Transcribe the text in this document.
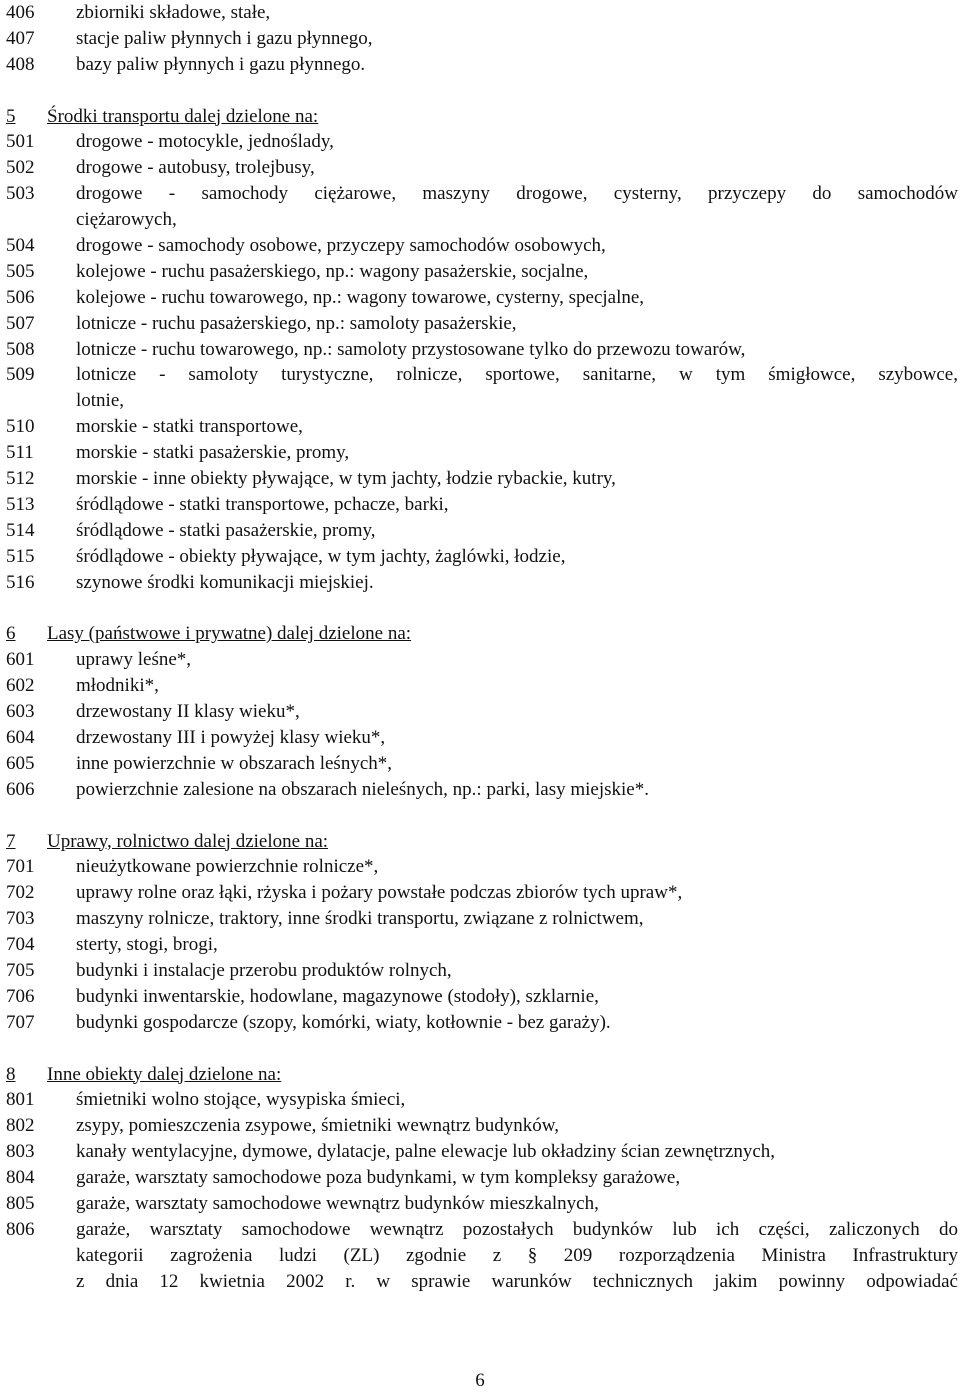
406	zbiorniki składowe, stałe,
407	stacje paliw płynnych i gazu płynnego,
408	bazy paliw płynnych i gazu płynnego.
5	Środki transportu dalej dzielone na:
501	drogowe - motocykle, jednoślady,
502	drogowe - autobusy, trolejbusy,
503	drogowe - samochody ciężarowe, maszyny drogowe, cysterny, przyczepy do samochodów
ciężarowych,
504	drogowe - samochody osobowe, przyczepy samochodów osobowych,
505	kolejowe - ruchu pasażerskiego, np.: wagony pasażerskie, socjalne,
506	kolejowe - ruchu towarowego, np.: wagony towarowe, cysterny, specjalne,
507	lotnicze - ruchu pasażerskiego, np.: samoloty pasażerskie,
508	lotnicze - ruchu towarowego, np.: samoloty przystosowane tylko do przewozu towarów,
509	lotnicze - samoloty turystyczne, rolnicze, sportowe, sanitarne, w tym śmigłowce, szybowce,
lotnie,
510	morskie - statki transportowe,
511	morskie - statki pasażerskie, promy,
512	morskie - inne obiekty pływające, w tym jachty, łodzie rybackie, kutry,
513	śródlądowe - statki transportowe, pchacze, barki,
514	śródlądowe - statki pasażerskie, promy,
515	śródlądowe - obiekty pływające, w tym jachty, żaglówki, łodzie,
516	szynowe środki komunikacji miejskiej.
6	Lasy (państwowe i prywatne) dalej dzielone na:
601	uprawy leśne*,
602	młodniki*,
603	drzewostany II klasy wieku*,
604	drzewostany III i powyżej klasy wieku*,
605	inne powierzchnie w obszarach leśnych*,
606	powierzchnie zalesione na obszarach nieleśnych, np.: parki, lasy miejskie*.
7	Uprawy, rolnictwo dalej dzielone na:
701	nieużytkowane powierzchnie rolnicze*,
702	uprawy rolne oraz łąki, rżyska i pożary powstałe podczas zbiorów tych upraw*,
703	maszyny rolnicze, traktory, inne środki transportu, związane z rolnictwem,
704	sterty, stogi, brogi,
705	budynki i instalacje przerobu produktów rolnych,
706	budynki inwentarskie, hodowlane, magazynowe (stodoły), szklarnie,
707	budynki gospodarcze (szopy, komórki, wiaty, kotłownie - bez garaży).
8	Inne obiekty dalej dzielone na:
801	śmietniki wolno stojące, wysypiska śmieci,
802	zsypy, pomieszczenia zsypowe, śmietniki wewnątrz budynków,
803	kanały wentylacyjne, dymowe, dylatacje, palne elewacje lub okładziny ścian zewnętrznych,
804	garaże, warsztaty samochodowe poza budynkami, w tym kompleksy garażowe,
805	garaże, warsztaty samochodowe wewnątrz budynków mieszkalnych,
806	garaże, warsztaty samochodowe wewnątrz pozostałych budynków lub ich części, zaliczonych do
kategorii zagrożenia ludzi (ZL) zgodnie z § 209 rozporządzenia Ministra Infrastruktury
z dnia 12 kwietnia 2002 r. w sprawie warunków technicznych jakim powinny odpowiadać
6
